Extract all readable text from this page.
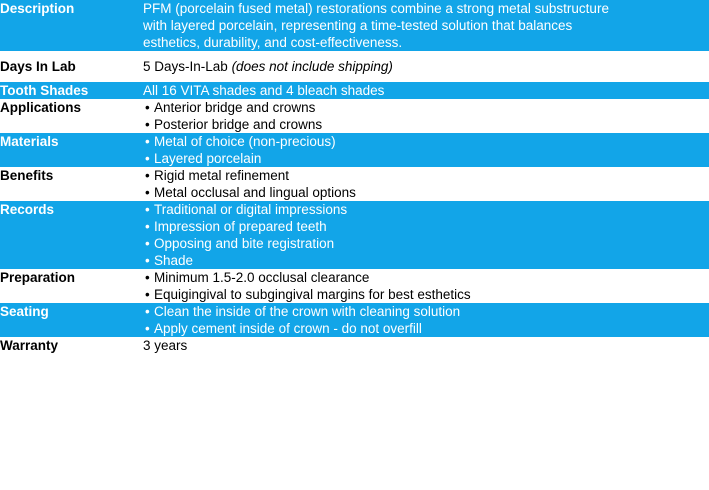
Description	PFM (porcelain fused metal) restorations combine a strong metal substructure
with layered porcelain, representing a time-tested solution that balances
esthetics, durability, and cost-effectiveness.

Days In Lab	5 Days-In-Lab (does not include shipping)

Tooth Shades	All 16 VITA shades and 4 bleach shades

Applications	• Anterior bridge and crowns
• Posterior bridge and crowns

Materials	• Metal of choice (non-precious)
• Layered porcelain

Benefits	• Rigid metal refinement
• Metal occlusal and lingual options

Records	• Traditional or digital impressions
• Impression of prepared teeth
• Opposing and bite registration
• Shade

Preparation	• Minimum 1.5-2.0 occlusal clearance
• Equigingival to subgingival margins for best esthetics

Seating	• Clean the inside of the crown with cleaning solution
• Apply cement inside of crown - do not overfill

Warranty	3 years
